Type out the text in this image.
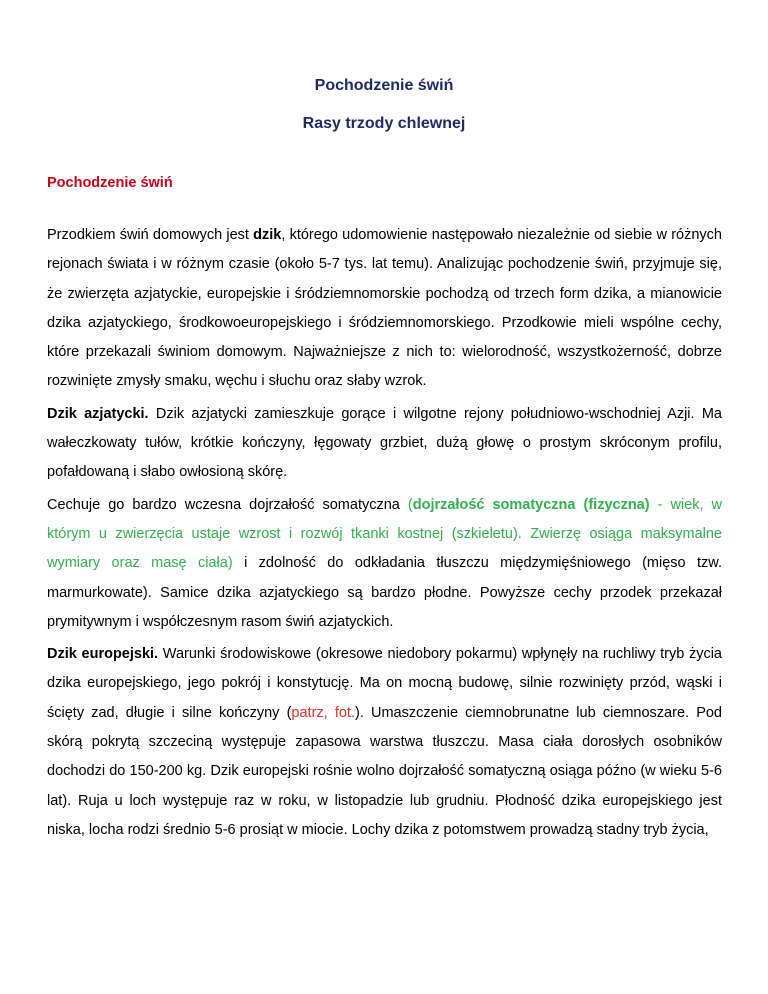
Pochodzenie świń
Rasy trzody chlewnej
Pochodzenie świń

Przodkiem świń domowych jest dzik, którego udomowienie następowało niezależnie od siebie w różnych rejonach świata i w różnym czasie (około 5-7 tys. lat temu). Analizując pochodzenie świń, przyjmuje się, że zwierzęta azjatyckie, europejskie i śródziemnomorskie pochodzą od trzech form dzika, a mianowicie dzika azjatyckiego, środkowoeuropejskiego i śródziemnomorskiego. Przodkowie mieli wspólne cechy, które przekazali świniom domowym. Najważniejsze z nich to: wielorodność, wszystkożerność, dobrze rozwinięte zmysły smaku, węchu i słuchu oraz słaby wzrok.

Dzik azjatycki. Dzik azjatycki zamieszkuje gorące i wilgotne rejony południowo-wschodniej Azji. Ma wałeczkowaty tułów, krótkie kończyny, łęgowaty grzbiet, dużą głowę o prostym skróconym profilu, pofałdowaną i słabo owłosioną skórę.

Cechuje go bardzo wczesna dojrzałość somatyczna (dojrzałość somatyczna (fizyczna) - wiek, w którym u zwierzęcia ustaje wzrost i rozwój tkanki kostnej (szkieletu). Zwierzę osiąga maksymalne wymiary oraz masę ciała) i zdolność do odkładania tłuszczu międzymięśniowego (mięso tzw. marmurkowate). Samice dzika azjatyckiego są bardzo płodne. Powyższe cechy przodek przekazał prymitywnym i współczesnym rasom świń azjatyckich.

Dzik europejski. Warunki środowiskowe (okresowe niedobory pokarmu) wpłynęły na ruchliwy tryb życia dzika europejskiego, jego pokrój i konstytucję. Ma on mocną budowę, silnie rozwinięty przód, wąski i ścięty zad, długie i silne kończyny (patrz, fot.). Umaszczenie ciemnobrunatne lub ciemnoszare. Pod skórą pokrytą szczeciną występuje zapasowa warstwa tłuszczu. Masa ciała dorosłych osobników dochodzi do 150-200 kg. Dzik europejski rośnie wolno dojrzałość somatyczną osiąga późno (w wieku 5-6 lat). Ruja u loch występuje raz w roku, w listopadzie lub grudniu. Płodność dzika europejskiego jest niska, locha rodzi średnio 5-6 prosiąt w miocie. Lochy dzika z potomstwem prowadzą stadny tryb życia,
